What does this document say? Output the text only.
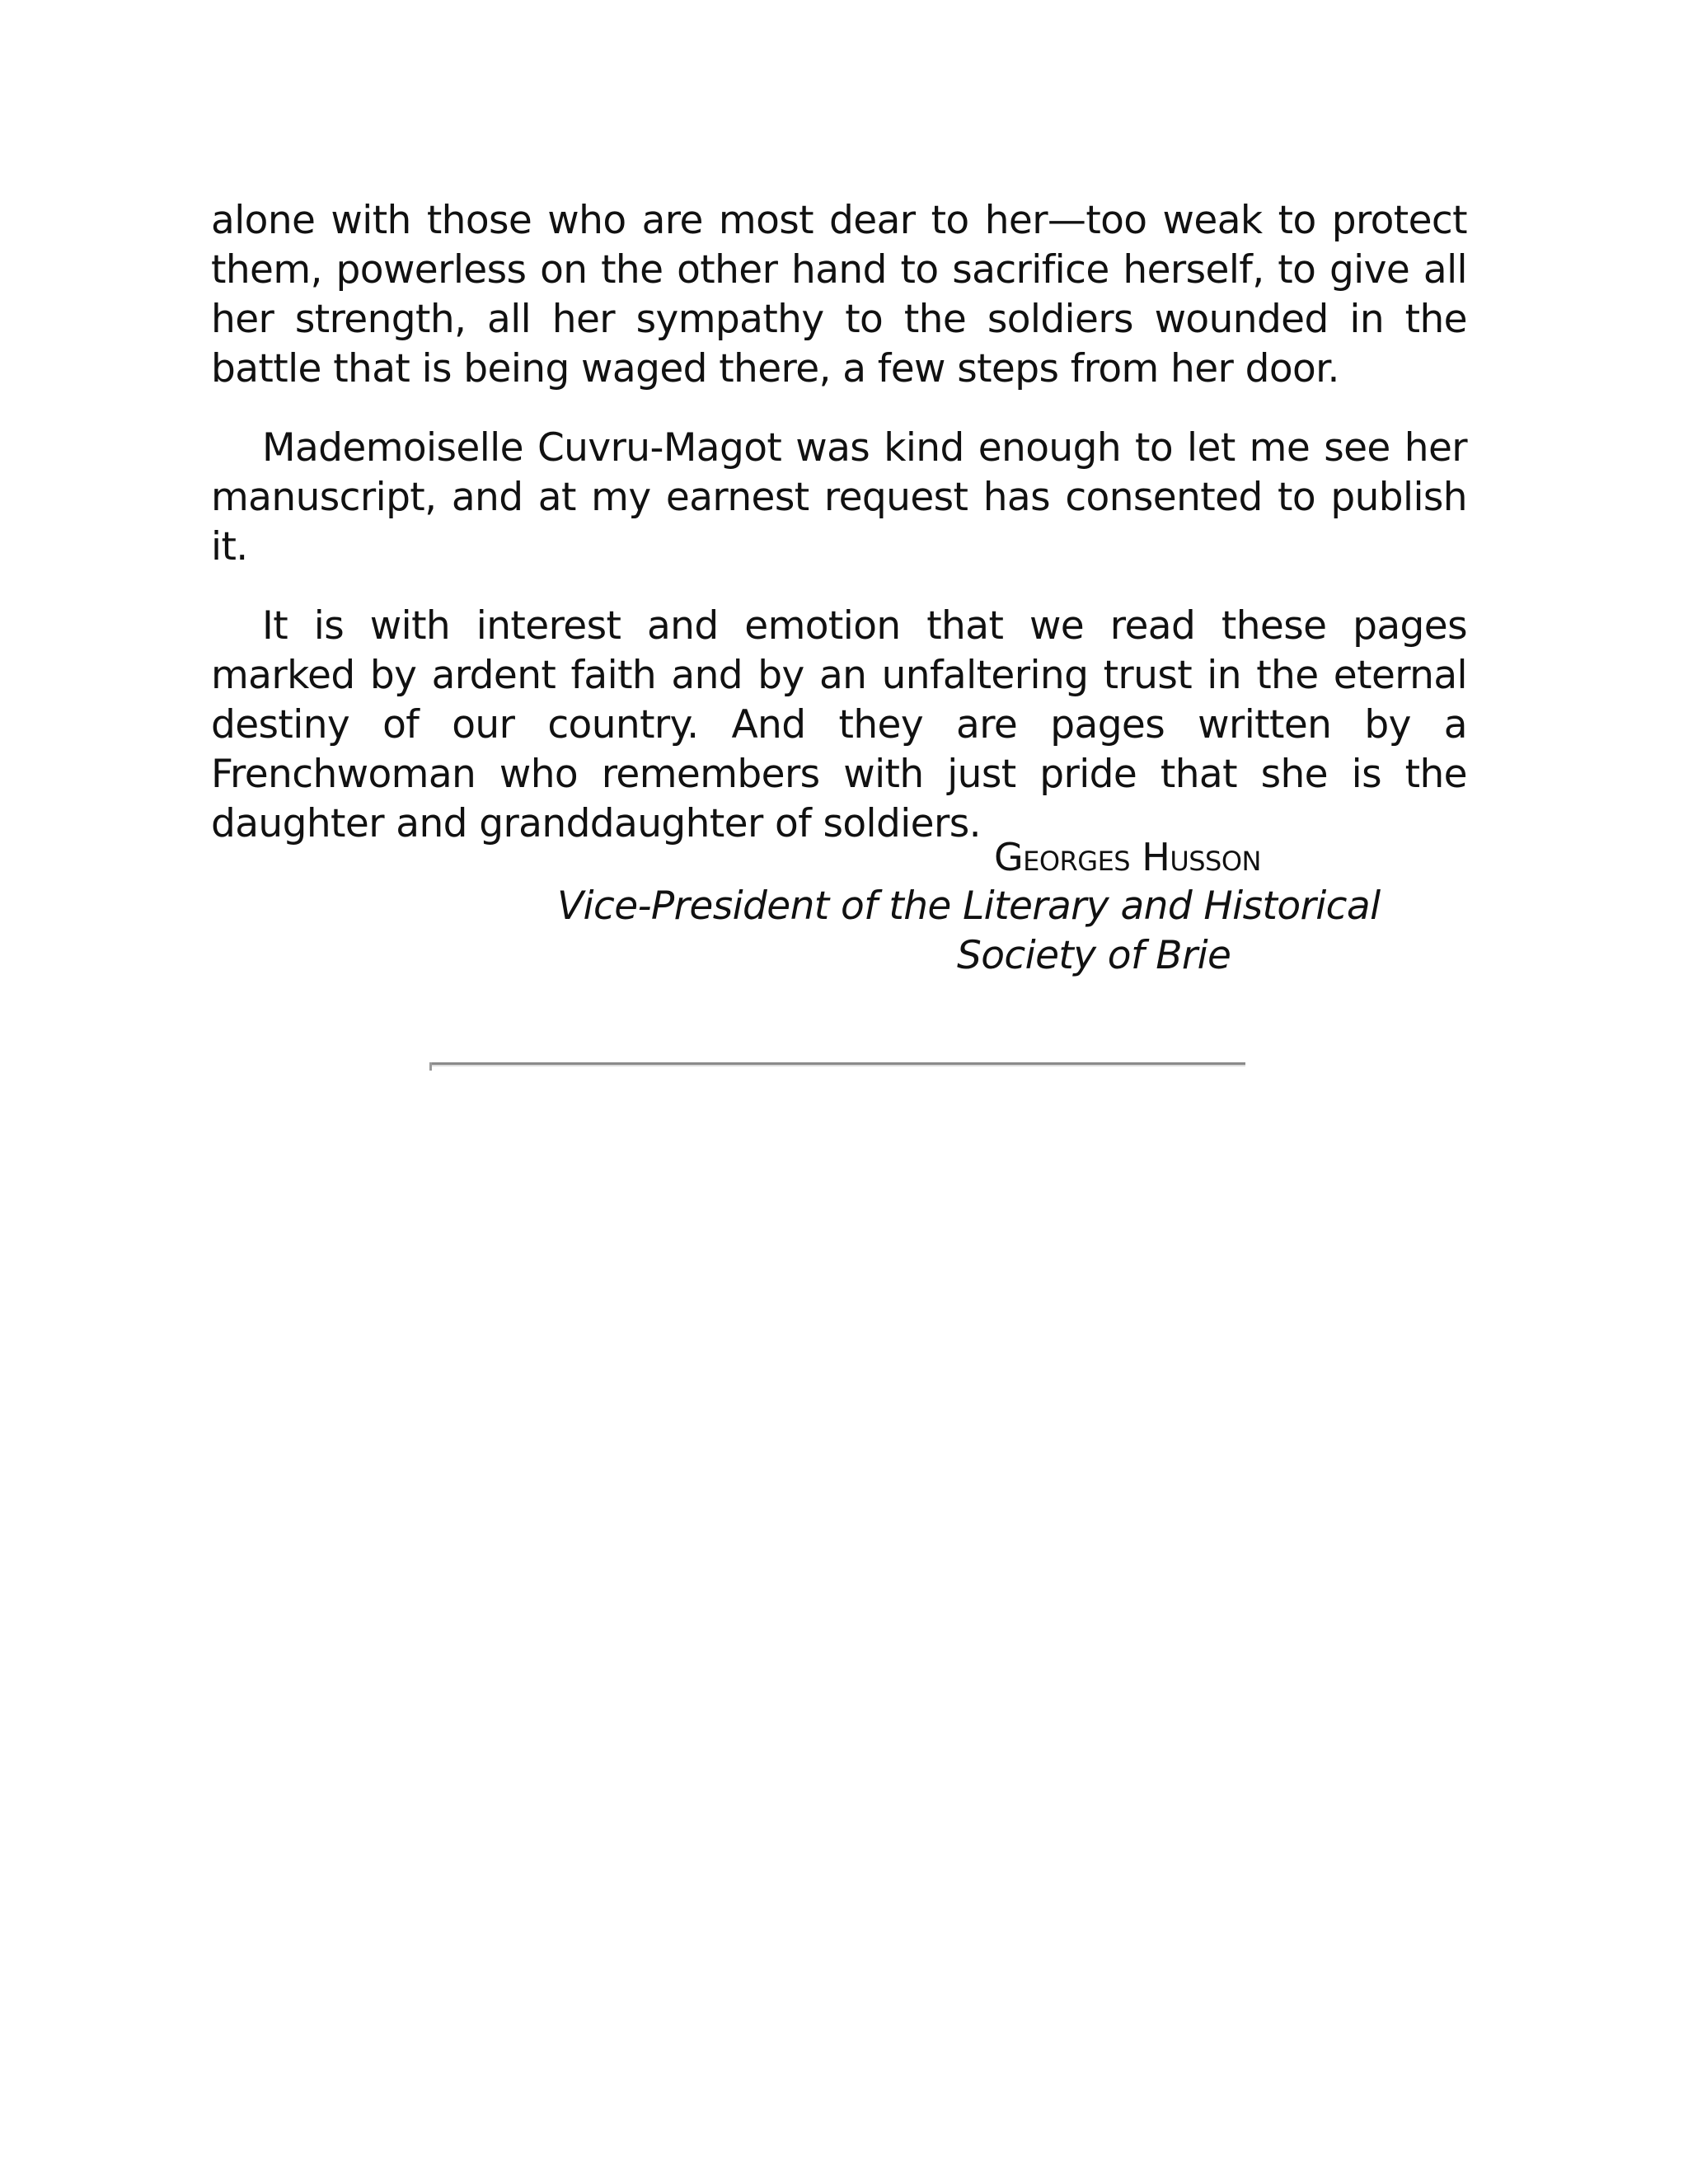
alone with those who are most dear to her—too weak to protect them, powerless on the other hand to sacrifice herself, to give all her strength, all her sympathy to the soldiers wounded in the battle that is being waged there, a few steps from her door.

Mademoiselle Cuvru-Magot was kind enough to let me see her manuscript, and at my earnest request has consented to publish it.

It is with interest and emotion that we read these pages marked by ardent faith and by an unfaltering trust in the eternal destiny of our country. And they are pages written by a Frenchwoman who remembers with just pride that she is the daughter and granddaughter of soldiers.

Georges Husson
Vice-President of the Literary and Historical
Society of Brie
